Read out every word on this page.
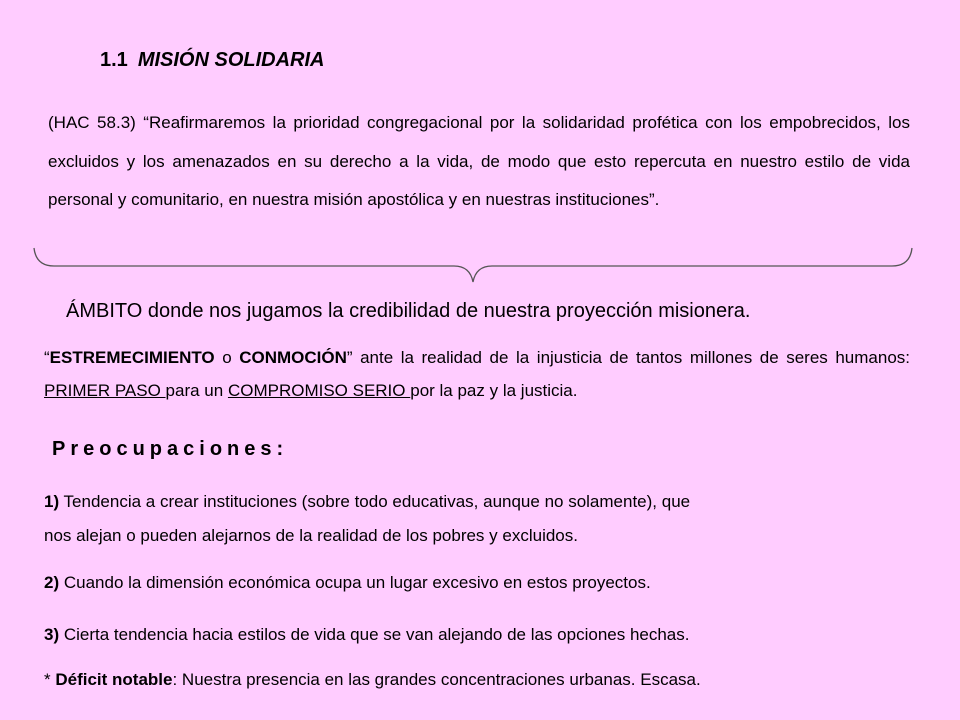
1.1 MISIÓN SOLIDARIA
(HAC 58.3) “Reafirmaremos la prioridad congregacional por la solidaridad profética con los empobrecidos, los excluidos y los amenazados en su derecho a la vida, de modo que esto repercuta en nuestro estilo de vida personal y comunitario, en nuestra misión apostólica y en nuestras instituciones”.
ÁMBITO donde nos jugamos la credibilidad de nuestra proyección misionera.
“ESTREMECIMIENTO o CONMOCIÓN” ante la realidad de la injusticia de tantos millones de seres humanos: PRIMER PASO para un COMPROMISO SERIO por la paz y la justicia.
Preocupaciones:
1) Tendencia a crear instituciones (sobre todo educativas, aunque no solamente), que
nos alejan o pueden alejarnos de la realidad de los pobres y excluidos.
2) Cuando la dimensión económica ocupa un lugar excesivo en estos proyectos.
3) Cierta tendencia hacia estilos de vida que se van alejando de las opciones hechas.
* Déficit notable: Nuestra presencia en las grandes concentraciones urbanas. Escasa.
